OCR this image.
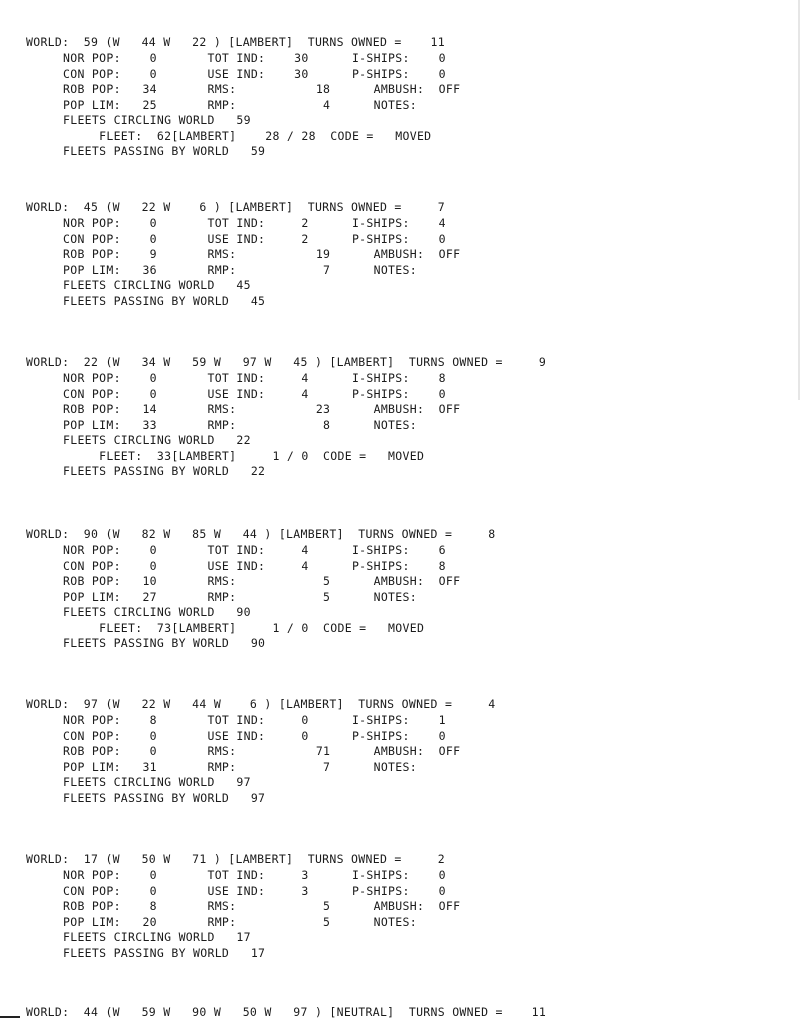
WORLD:  59 (W   44 W   22 ) [LAMBERT]  TURNS OWNED =    11
NOR POP:    0       TOT IND:    30      I-SHIPS:    0
CON POP:    0       USE IND:    30      P-SHIPS:    0
ROB POP:   34       RMS:           18      AMBUSH:  OFF
POP LIM:   25       RMP:            4      NOTES:
FLEETS CIRCLING WORLD   59
FLEET:  62[LAMBERT]    28 / 28  CODE =   MOVED
FLEETS PASSING BY WORLD   59
WORLD:  45 (W   22 W    6 ) [LAMBERT]  TURNS OWNED =     7
NOR POP:    0       TOT IND:     2      I-SHIPS:    4
CON POP:    0       USE IND:     2      P-SHIPS:    0
ROB POP:    9       RMS:           19      AMBUSH:  OFF
POP LIM:   36       RMP:            7      NOTES:
FLEETS CIRCLING WORLD   45
FLEETS PASSING BY WORLD   45
WORLD:  22 (W   34 W   59 W   97 W   45 ) [LAMBERT]  TURNS OWNED =     9
NOR POP:    0       TOT IND:     4      I-SHIPS:    8
CON POP:    0       USE IND:     4      P-SHIPS:    0
ROB POP:   14       RMS:           23      AMBUSH:  OFF
POP LIM:   33       RMP:            8      NOTES:
FLEETS CIRCLING WORLD   22
FLEET:  33[LAMBERT]     1 / 0  CODE =   MOVED
FLEETS PASSING BY WORLD   22
WORLD:  90 (W   82 W   85 W   44 ) [LAMBERT]  TURNS OWNED =     8
NOR POP:    0       TOT IND:     4      I-SHIPS:    6
CON POP:    0       USE IND:     4      P-SHIPS:    8
ROB POP:   10       RMS:            5      AMBUSH:  OFF
POP LIM:   27       RMP:            5      NOTES:
FLEETS CIRCLING WORLD   90
FLEET:  73[LAMBERT]     1 / 0  CODE =   MOVED
FLEETS PASSING BY WORLD   90
WORLD:  97 (W   22 W   44 W    6 ) [LAMBERT]  TURNS OWNED =     4
NOR POP:    8       TOT IND:     0      I-SHIPS:    1
CON POP:    0       USE IND:     0      P-SHIPS:    0
ROB POP:    0       RMS:           71      AMBUSH:  OFF
POP LIM:   31       RMP:            7      NOTES:
FLEETS CIRCLING WORLD   97
FLEETS PASSING BY WORLD   97
WORLD:  17 (W   50 W   71 ) [LAMBERT]  TURNS OWNED =     2
NOR POP:    0       TOT IND:     3      I-SHIPS:    0
CON POP:    0       USE IND:     3      P-SHIPS:    0
ROB POP:    8       RMS:            5      AMBUSH:  OFF
POP LIM:   20       RMP:            5      NOTES:
FLEETS CIRCLING WORLD   17
FLEETS PASSING BY WORLD   17
WORLD:  44 (W   59 W   90 W   50 W   97 ) [NEUTRAL]  TURNS OWNED =    11
